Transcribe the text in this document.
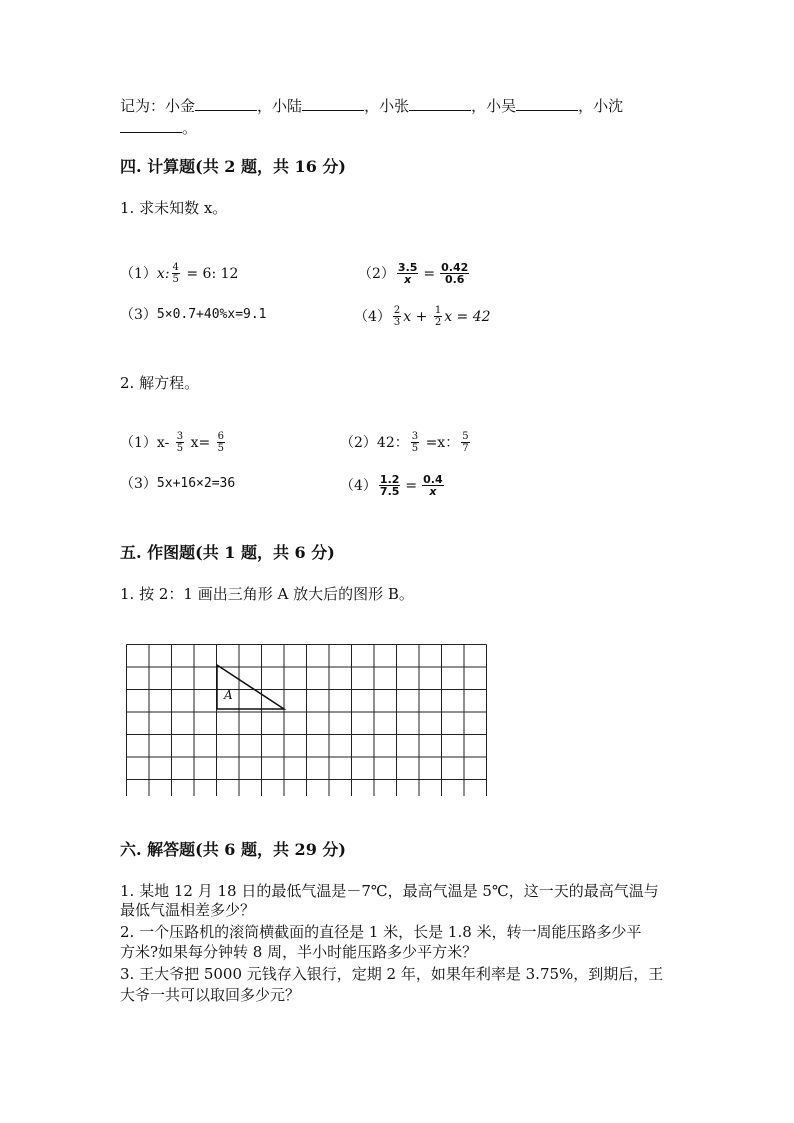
记为：小金	，小陆	，小张	，小吴	，小沈
。
四. 计算题(共 2 题，共 16 分)
1. 求未知数 x。
（1） x: $\frac{4}{5} = 6$: 12	$(2) \frac{3.5}{x} = \frac{0.42}{0.6}$
（3） 5×0.7+40%x=9.1	$(4) \frac{2}{3}$ $x + \frac{1}{2}$ x = 42
2. 解方程。
（1） $x- \frac{3}{5} x= \frac{6}{5}$	（2） 42： $\frac{3}{5} =x$： $\frac{5}{7}$
（3） 5x+16×2=36	$(4) \frac{1.2}{7.5} = \frac{0.4}{x}$
五. 作图题(共 1 题，共 6 分)
1. 按 2：1 画出三角形 A 放大后的图形 B。
A
六. 解答题(共 6 题，共 29 分)
1. 某地 12 月 18 日的最低气温是－7℃，最高气温是 5℃，这一天的最高气温与
最低气温相差多少？
2. 一个压路机的滚筒横截面的直径是 1 米，长是 1.8 米，转一周能压路多少平
方米?如果每分钟转 8 周，半小时能压路多少平方米？
3. 王大爷把 5000 元钱存入银行，定期 2 年，如果年利率是 3.75%，到期后，王
大爷一共可以取回多少元？
